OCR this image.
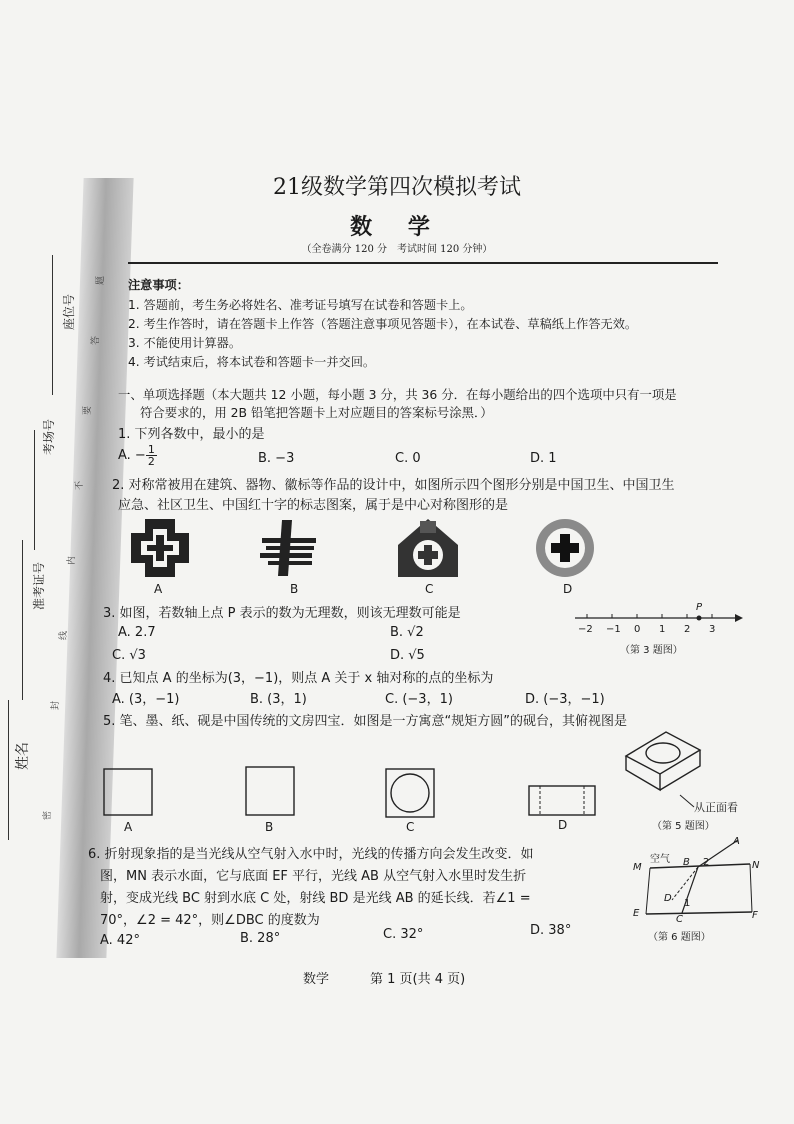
座位号
考场号
准考证号
姓名
题
答
要
不
内
线
封
密
21级数学第四次模拟考试
数 学
（全卷满分 120 分　考试时间 120 分钟）
注意事项：
1. 答题前，考生务必将姓名、准考证号填写在试卷和答题卡上。
2. 考生作答时，请在答题卡上作答（答题注意事项见答题卡），在本试卷、草稿纸上作答无效。
3. 不能使用计算器。
4. 考试结束后，将本试卷和答题卡一并交回。
一、单项选择题（本大题共 12 小题，每小题 3 分，共 36 分．在每小题给出的四个选项中只有一项是
符合要求的，用 2B 铅笔把答题卡上对应题目的答案标号涂黑．）
1. 下列各数中，最小的是
A. − $\frac{1}{2}$	B. −3	C. 0	D. 1
2. 对称常被用在建筑、器物、徽标等作品的设计中，如图所示四个图形分别是中国卫生、中国卫生
应急、社区卫生、中国红十字的标志图案，属于是中心对称图形的是
A	B	C	D
3. 如图，若数轴上点 P 表示的数为无理数，则该无理数可能是
A. 2.7	B. √2
C. √3	D. √5
−2 −1 0 1 2 3
P
（第 3 题图）
4. 已知点 A 的坐标为(3，−1)，则点 A 关于 x 轴对称的点的坐标为
A. (3，−1)	B. (3，1)	C. (−3，1)	D. (−3，−1)
5. 笔、墨、纸、砚是中国传统的文房四宝．如图是一方寓意“规矩方圆”的砚台，其俯视图是
从正面看
（第 5 题图）
A	B	C	D
6. 折射现象指的是当光线从空气射入水中时，光线的传播方向会发生改变．如
图，MN 表示水面，它与底面 EF 平行，光线 AB 从空气射入水里时发生折
射，变成光线 BC 射到水底 C 处，射线 BD 是光线 AB 的延长线．若∠1 =
70°，∠2 = 42°，则∠DBC 的度数为
A. 42°	B. 28°	C. 32°	D. 38°
A
B 2
空气
M	N
D 1
E
C	F
（第 6 题图）
数学	第 1 页(共 4 页)
